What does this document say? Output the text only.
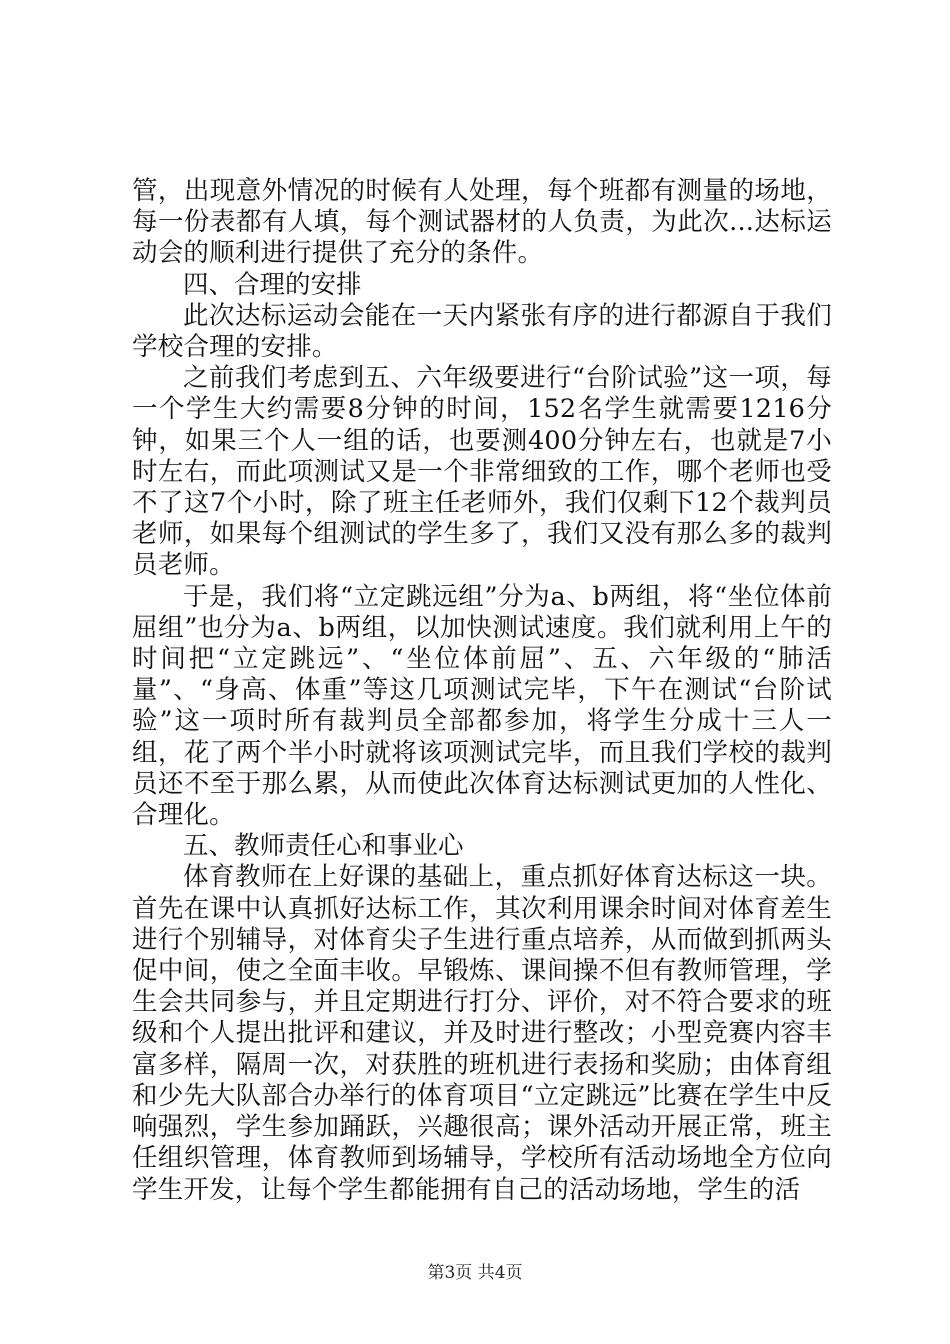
管，出现意外情况的时候有人处理，每个班都有测量的场地，每一份表都有人填，每个测试器材的人负责，为此次...达标运动会的顺利进行提供了充分的条件。

四、合理的安排

此次达标运动会能在一天内紧张有序的进行都源自于我们学校合理的安排。

之前我们考虑到五、六年级要进行“台阶试验”这一项，每一个学生大约需要8分钟的时间，152名学生就需要1216分钟，如果三个人一组的话，也要测400分钟左右，也就是7小时左右，而此项测试又是一个非常细致的工作，哪个老师也受不了这7个小时，除了班主任老师外，我们仅剩下12个裁判员老师，如果每个组测试的学生多了，我们又没有那么多的裁判员老师。

于是，我们将“立定跳远组”分为a、b两组，将“坐位体前屈组”也分为a、b两组，以加快测试速度。我们就利用上午的时间把“立定跳远”、“坐位体前屈”、五、六年级的“肺活量”、“身高、体重”等这几项测试完毕，下午在测试“台阶试验”这一项时所有裁判员全部都参加，将学生分成十三人一组，花了两个半小时就将该项测试完毕，而且我们学校的裁判员还不至于那么累，从而使此次体育达标测试更加的人性化、合理化。

五、教师责任心和事业心

体育教师在上好课的基础上，重点抓好体育达标这一块。首先在课中认真抓好达标工作，其次利用课余时间对体育差生进行个别辅导，对体育尖子生进行重点培养，从而做到抓两头促中间，使之全面丰收。早锻炼、课间操不但有教师管理，学生会共同参与，并且定期进行打分、评价，对不符合要求的班级和个人提出批评和建议，并及时进行整改；小型竞赛内容丰富多样，隔周一次，对获胜的班机进行表扬和奖励；由体育组和少先大队部合办举行的体育项目“立定跳远”比赛在学生中反响强烈，学生参加踊跃，兴趣很高；课外活动开展正常，班主任组织管理，体育教师到场辅导，学校所有活动场地全方位向学生开发，让每个学生都能拥有自己的活动场地，学生的活

第3页 共4页
